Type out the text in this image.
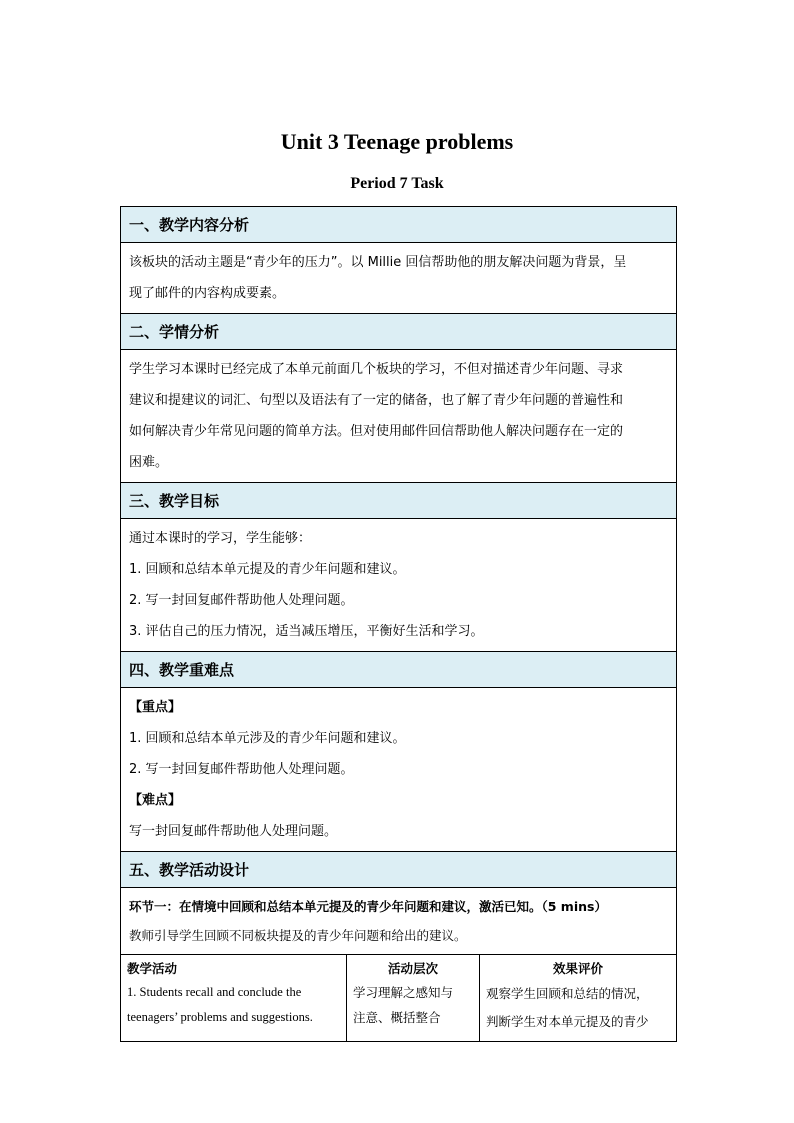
Unit 3 Teenage problems
Period 7 Task
一、教学内容分析

该板块的活动主题是“青少年的压力”。以 Millie 回信帮助他的朋友解决问题为背景，呈

现了邮件的内容构成要素。

二、学情分析

学生学习本课时已经完成了本单元前面几个板块的学习，不但对描述青少年问题、寻求

建议和提建议的词汇、句型以及语法有了一定的储备，也了解了青少年问题的普遍性和

如何解决青少年常见问题的简单方法。但对使用邮件回信帮助他人解决问题存在一定的

困难。

三、教学目标

通过本课时的学习，学生能够：

1. 回顾和总结本单元提及的青少年问题和建议。

2. 写一封回复邮件帮助他人处理问题。

3. 评估自己的压力情况，适当减压增压，平衡好生活和学习。

四、教学重难点

【重点】

1. 回顾和总结本单元涉及的青少年问题和建议。

2. 写一封回复邮件帮助他人处理问题。

【难点】

写一封回复邮件帮助他人处理问题。

五、教学活动设计

环节一：在情境中回顾和总结本单元提及的青少年问题和建议，激活已知。（5 mins）

教师引导学生回顾不同板块提及的青少年问题和给出的建议。

教学活动

1. Students recall and conclude the

teenagers’ problems and suggestions.

活动层次

学习理解之感知与

注意、概括整合

效果评价

观察学生回顾和总结的情况，

判断学生对本单元提及的青少
